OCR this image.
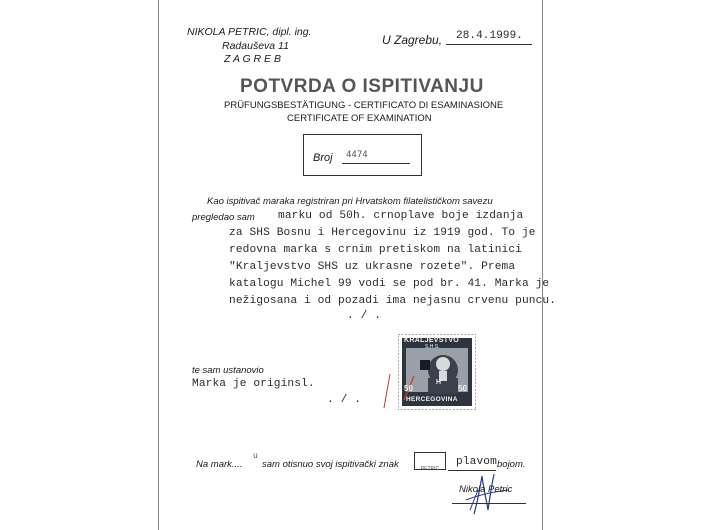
NIKOLA PETRIC, dipl. ing.
Radauševa 11
Z A G R E B
U Zagrebu, 28.4.1999.
POTVRDA O ISPITIVANJU
PRÜFUNGSBESTÄTIGUNG - CERTIFICATO DI ESAMINASIONE
CERTIFICATE OF EXAMINATION
Broj 4474
Kao ispitivač maraka registriran pri Hrvatskom filatelističkom savezu
pregledao sam marku od 50h. crnoplave boje izdanja
za SHS Bosnu i Hercegovinu iz 1919 god. To je
redovna marka s crnim pretiskom na latinici
"Kraljevstvo SHS uz ukrasne rozete". Prema
katalogu Michel 99 vodi se pod br. 41. Marka je
nežigosana i od pozadi ima nejasnu crvenu puncu.
. / .
KRALJEVSTVO
S.H.S.
H
50	50
HERCEGOVINA
te sam ustanovio
Marka je originsl.
. / .
Na mark....
u
sam otisnuo svoj ispitivački znak	$_{PETRIC}$
plavom bojom.
Nikola Petric
